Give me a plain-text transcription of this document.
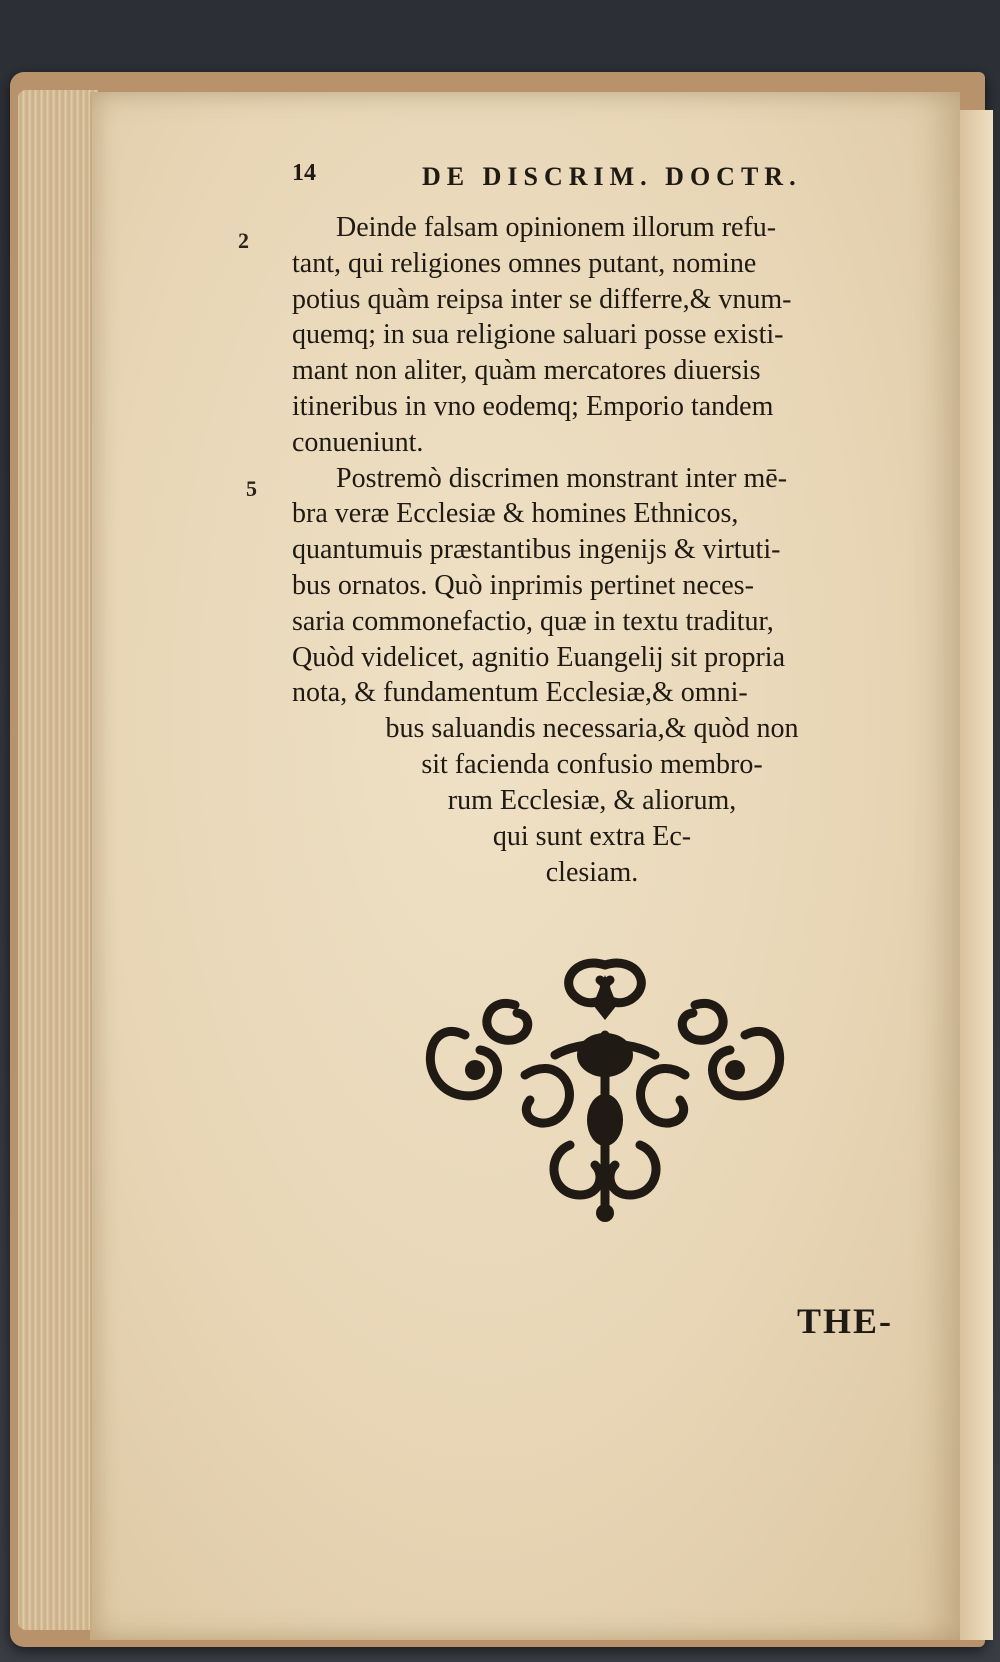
2
5
14	DE DISCRIM. DOCTR.
Deinde falsam opinionem illorum refu-
tant, qui religiones omnes putant, nomine
potius quàm reipsa inter se differre,& vnum-
quemq; in sua religione saluari posse existi-
mant non aliter, quàm mercatores diuersis
itineribus in vno eodemq; Emporio tandem
conueniunt.
Postremò discrimen monstrant inter mē-
bra veræ Ecclesiæ & homines Ethnicos,
quantumuis præstantibus ingenijs & virtuti-
bus ornatos. Quò inprimis pertinet neces-
saria commonefactio, quæ in textu traditur,
Quòd videlicet, agnitio Euangelij sit propria
nota, & fundamentum Ecclesiæ,& omni-
bus saluandis necessaria,& quòd non
sit facienda confusio membro-
rum Ecclesiæ, & aliorum,
qui sunt extra Ec-
clesiam.
THE-
